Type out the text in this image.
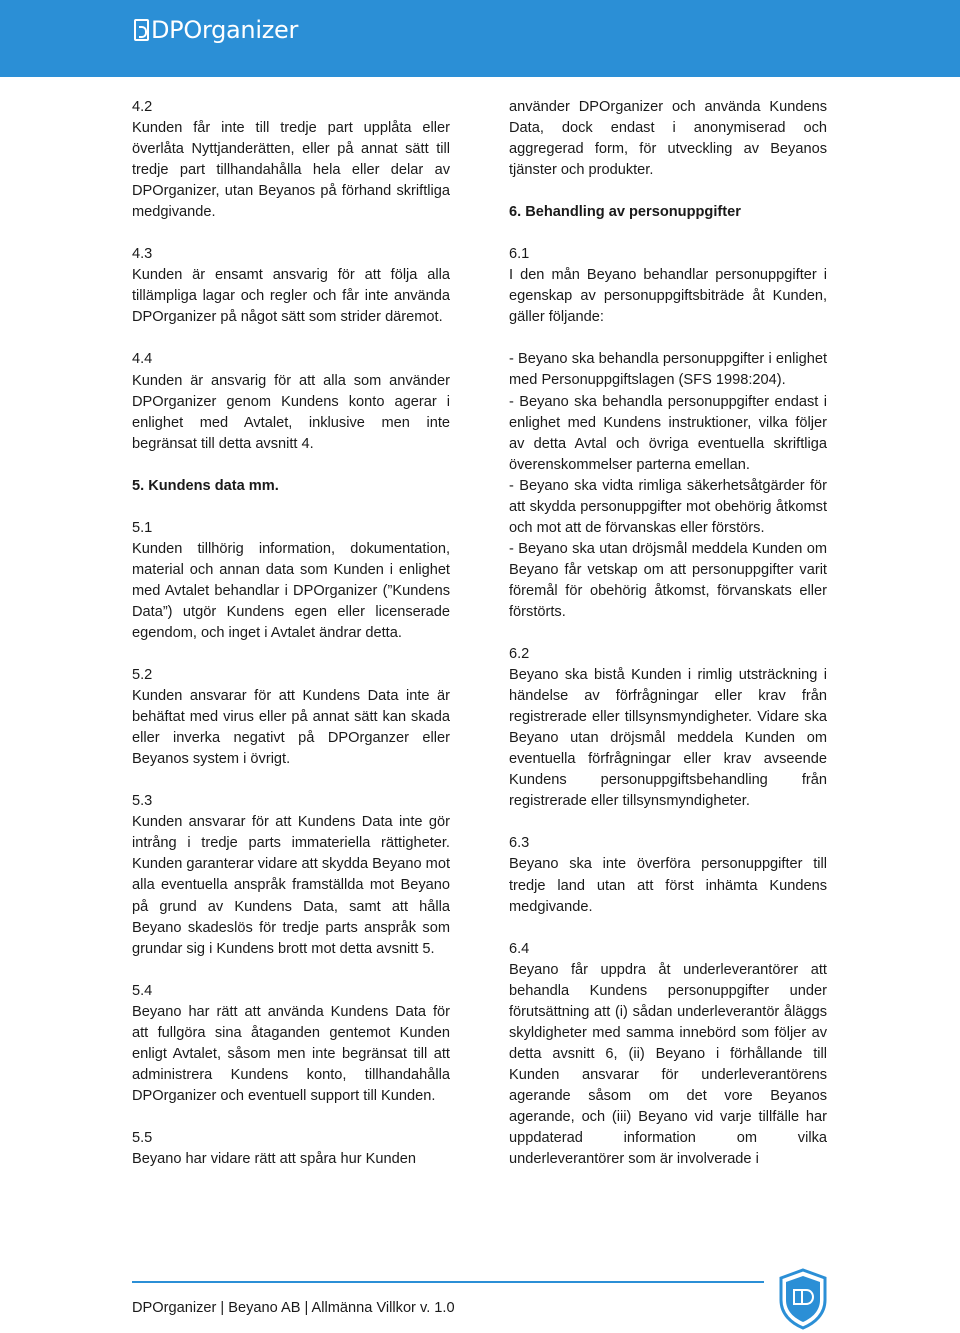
DPOrganizer
4.2
Kunden får inte till tredje part upplåta eller överlåta Nyttjanderätten, eller på annat sätt till tredje part tillhandahålla hela eller delar av DPOrganizer, utan Beyanos på förhand skriftliga medgivande.
4.3
Kunden är ensamt ansvarig för att följa alla tillämpliga lagar och regler och får inte använda DPOrganizer på något sätt som strider däremot.
4.4
Kunden är ansvarig för att alla som använder DPOrganizer genom Kundens konto agerar i enlighet med Avtalet, inklusive men inte begränsat till detta avsnitt 4.
5. Kundens data mm.
5.1
Kunden tillhörig information, dokumentation, material och annan data som Kunden i enlighet med Avtalet behandlar i DPOrganizer (”Kundens Data”) utgör Kundens egen eller licenserade egendom, och inget i Avtalet ändrar detta.
5.2
Kunden ansvarar för att Kundens Data inte är behäftat med virus eller på annat sätt kan skada eller inverka negativt på DPOrganzer eller Beyanos system i övrigt.
5.3
Kunden ansvarar för att Kundens Data inte gör intrång i tredje parts immateriella rättigheter. Kunden garanterar vidare att skydda Beyano mot alla eventuella anspråk framställda mot Beyano på grund av Kundens Data, samt att hålla Beyano skadeslös för tredje parts anspråk som grundar sig i Kundens brott mot detta avsnitt 5.
5.4
Beyano har rätt att använda Kundens Data för att fullgöra sina åtaganden gentemot Kunden enligt Avtalet, såsom men inte begränsat till att administrera Kundens konto, tillhandahålla DPOrganizer och eventuell support till Kunden.
5.5
Beyano har vidare rätt att spåra hur Kunden
använder DPOrganizer och använda Kundens Data, dock endast i anonymiserad och aggregerad form, för utveckling av Beyanos tjänster och produkter.
6. Behandling av personuppgifter
6.1
I den mån Beyano behandlar personuppgifter i egenskap av personuppgiftsbiträde åt Kunden, gäller följande:
- Beyano ska behandla personuppgifter i enlighet med Personuppgiftslagen (SFS 1998:204).
- Beyano ska behandla personuppgifter endast i enlighet med Kundens instruktioner, vilka följer av detta Avtal och övriga eventuella skriftliga överenskommelser parterna emellan.
- Beyano ska vidta rimliga säkerhetsåtgärder för att skydda personuppgifter mot obehörig åtkomst och mot att de förvanskas eller förstörs.
- Beyano ska utan dröjsmål meddela Kunden om Beyano får vetskap om att personuppgifter varit föremål för obehörig åtkomst, förvanskats eller förstörts.
6.2
Beyano ska bistå Kunden i rimlig utsträckning i händelse av förfrågningar eller krav från registrerade eller tillsynsmyndigheter. Vidare ska Beyano utan dröjsmål meddela Kunden om eventuella förfrågningar eller krav avseende Kundens personuppgiftsbehandling från registrerade eller tillsynsmyndigheter.
6.3
Beyano ska inte överföra personuppgifter till tredje land utan att först inhämta Kundens medgivande.
6.4
Beyano får uppdra åt underleverantörer att behandla Kundens personuppgifter under förutsättning att (i) sådan underleverantör åläggs skyldigheter med samma innebörd som följer av detta avsnitt 6, (ii) Beyano i förhållande till Kunden ansvarar för underleverantörens agerande såsom om det vore Beyanos agerande, och (iii) Beyano vid varje tillfälle har uppdaterad information om vilka underleverantörer som är involverade i
DPOrganizer | Beyano AB | Allmänna Villkor v. 1.0
